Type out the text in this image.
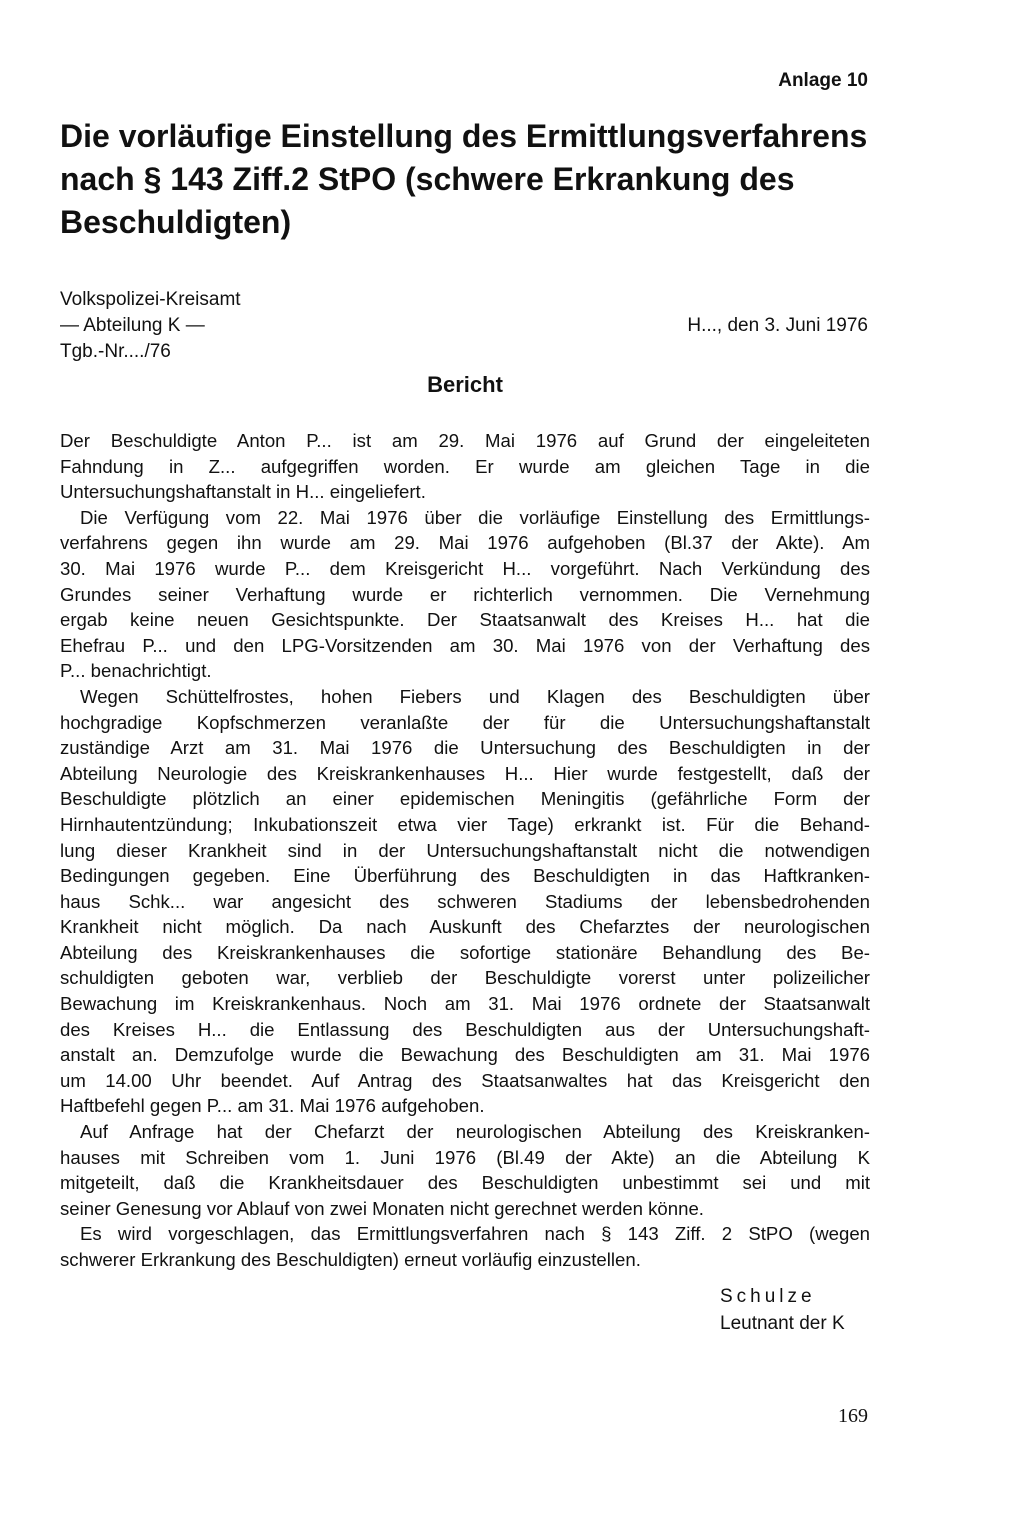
Anlage 10
Die vorläufige Einstellung des Ermittlungsverfahrens
nach § 143 Ziff.2 StPO (schwere Erkrankung des
Beschuldigten)
Volkspolizei-Kreisamt
— Abteilung K —
Tgb.-Nr..../76
H..., den 3. Juni 1976
Bericht
Der Beschuldigte Anton P... ist am 29. Mai 1976 auf Grund der eingeleiteten
Fahndung in Z... aufgegriffen worden. Er wurde am gleichen Tage in die
Untersuchungshaftanstalt in H... eingeliefert.
Die Verfügung vom 22. Mai 1976 über die vorläufige Einstellung des Ermittlungs-
verfahrens gegen ihn wurde am 29. Mai 1976 aufgehoben (Bl.37 der Akte). Am
30. Mai 1976 wurde P... dem Kreisgericht H... vorgeführt. Nach Verkündung des
Grundes seiner Verhaftung wurde er richterlich vernommen. Die Vernehmung
ergab keine neuen Gesichtspunkte. Der Staatsanwalt des Kreises H... hat die
Ehefrau P... und den LPG-Vorsitzenden am 30. Mai 1976 von der Verhaftung des
P... benachrichtigt.
Wegen Schüttelfrostes, hohen Fiebers und Klagen des Beschuldigten über
hochgradige Kopfschmerzen veranlaßte der für die Untersuchungshaftanstalt
zuständige Arzt am 31. Mai 1976 die Untersuchung des Beschuldigten in der
Abteilung Neurologie des Kreiskrankenhauses H... Hier wurde festgestellt, daß der
Beschuldigte plötzlich an einer epidemischen Meningitis (gefährliche Form der
Hirnhautentzündung; Inkubationszeit etwa vier Tage) erkrankt ist. Für die Behand-
lung dieser Krankheit sind in der Untersuchungshaftanstalt nicht die notwendigen
Bedingungen gegeben. Eine Überführung des Beschuldigten in das Haftkranken-
haus Schk... war angesicht des schweren Stadiums der lebensbedrohenden
Krankheit nicht möglich. Da nach Auskunft des Chefarztes der neurologischen
Abteilung des Kreiskrankenhauses die sofortige stationäre Behandlung des Be-
schuldigten geboten war, verblieb der Beschuldigte vorerst unter polizeilicher
Bewachung im Kreiskrankenhaus. Noch am 31. Mai 1976 ordnete der Staatsanwalt
des Kreises H... die Entlassung des Beschuldigten aus der Untersuchungshaft-
anstalt an. Demzufolge wurde die Bewachung des Beschuldigten am 31. Mai 1976
um 14.00 Uhr beendet. Auf Antrag des Staatsanwaltes hat das Kreisgericht den
Haftbefehl gegen P... am 31. Mai 1976 aufgehoben.
Auf Anfrage hat der Chefarzt der neurologischen Abteilung des Kreiskranken-
hauses mit Schreiben vom 1. Juni 1976 (Bl.49 der Akte) an die Abteilung K
mitgeteilt, daß die Krankheitsdauer des Beschuldigten unbestimmt sei und mit
seiner Genesung vor Ablauf von zwei Monaten nicht gerechnet werden könne.
Es wird vorgeschlagen, das Ermittlungsverfahren nach § 143 Ziff. 2 StPO (wegen
schwerer Erkrankung des Beschuldigten) erneut vorläufig einzustellen.
Schulze
Leutnant der K
169
